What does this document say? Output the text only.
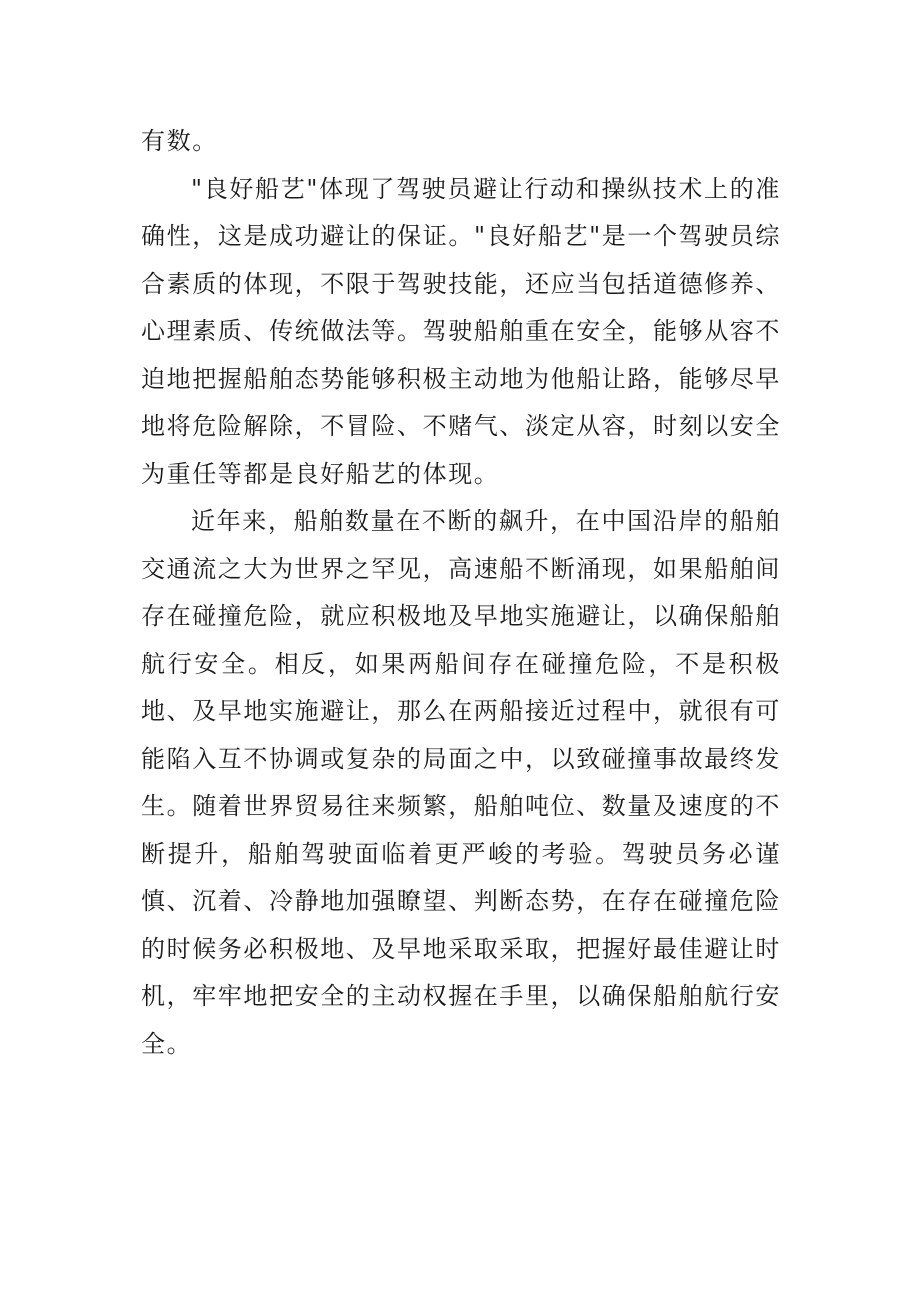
有数。

"良好船艺"体现了驾驶员避让行动和操纵技术上的准确性，这是成功避让的保证。"良好船艺"是一个驾驶员综合素质的体现，不限于驾驶技能，还应当包括道德修养、心理素质、传统做法等。驾驶船舶重在安全，能够从容不迫地把握船舶态势能够积极主动地为他船让路，能够尽早地将危险解除，不冒险、不赌气、淡定从容，时刻以安全为重任等都是良好船艺的体现。

近年来，船舶数量在不断的飙升，在中国沿岸的船舶交通流之大为世界之罕见，高速船不断涌现，如果船舶间存在碰撞危险，就应积极地及早地实施避让，以确保船舶航行安全。相反，如果两船间存在碰撞危险，不是积极地、及早地实施避让，那么在两船接近过程中，就很有可能陷入互不协调或复杂的局面之中，以致碰撞事故最终发生。随着世界贸易往来频繁，船舶吨位、数量及速度的不断提升，船舶驾驶面临着更严峻的考验。驾驶员务必谨慎、沉着、冷静地加强瞭望、判断态势，在存在碰撞危险的时候务必积极地、及早地采取采取，把握好最佳避让时机，牢牢地把安全的主动权握在手里，以确保船舶航行安全。
